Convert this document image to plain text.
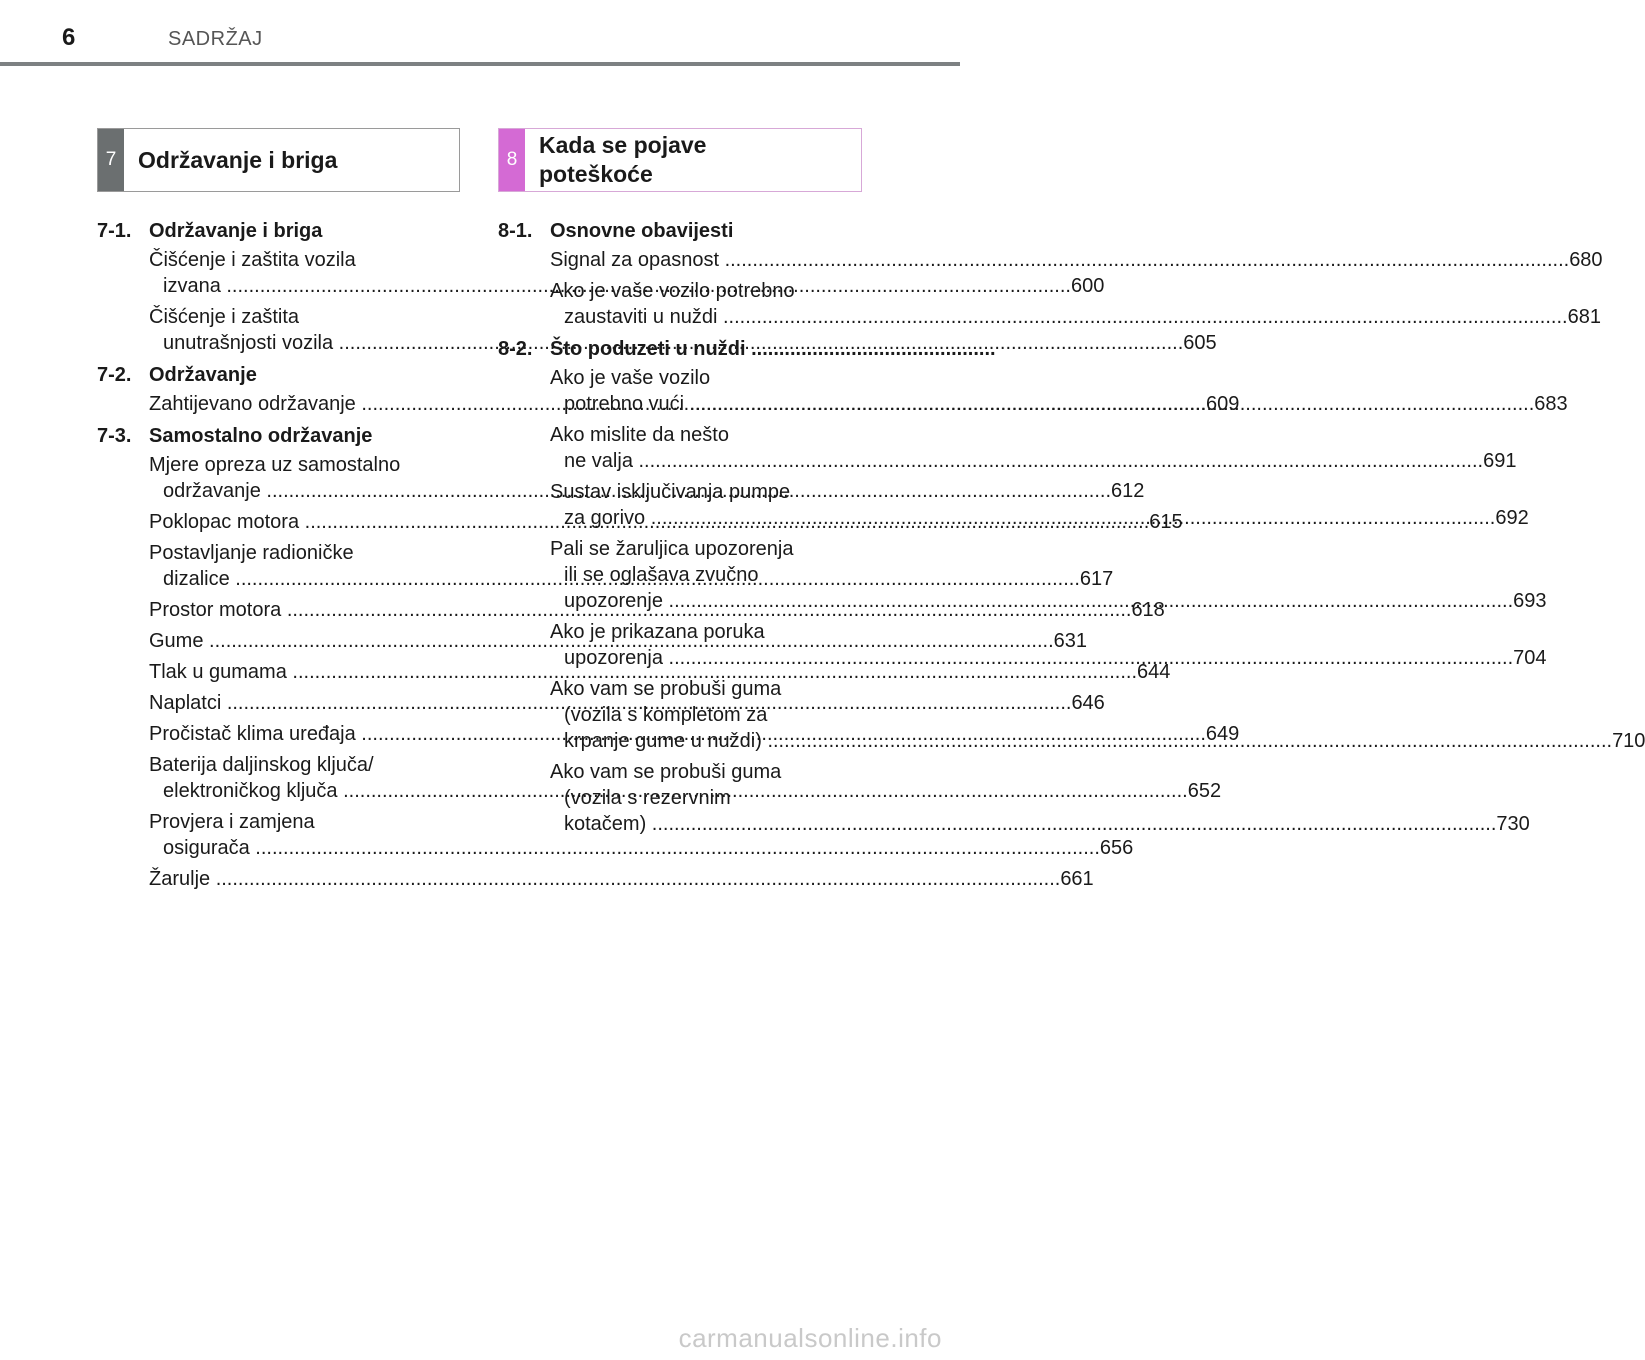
6	SADRŽAJ
7 Održavanje i briga	8
Kada se pojave
poteškoće
7-1. Održavanje i briga
Čišćenje i zaštita vozila
izvana .....	600
Čišćenje i zaštita
unutrašnjosti vozila .....	605
7-2. Održavanje
Zahtijevano održavanje .....	609
7-3. Samostalno održavanje
Mjere opreza uz samostalno
održavanje .....	612
Poklopac motora .....	615
Postavljanje radioničke
dizalice .....	617
Prostor motora .....	618
Gume .....	631
Tlak u gumama .....	644
Naplatci .....	646
Pročistač klima uređaja .....	649
Baterija daljinskog ključa/
elektroničkog ključa .....	652
Provjera i zamjena
osigurača .....	656
Žarulje .....	661
8-1. Osnovne obavijesti
Signal za opasnost .....	680
Ako je vaše vozilo potrebno
zaustaviti u nuždi .....	681
8-2. Što poduzeti u nuždi ............................................
Ako je vaše vozilo
potrebno vući .....	683
Ako mislite da nešto
ne valja .....	691
Sustav isključivanja pumpe
za gorivo .....	692
Pali se žaruljica upozorenja
ili se oglašava zvučno
upozorenje .....	693
Ako je prikazana poruka
upozorenja .....	704
Ako vam se probuši guma
(vozila s kompletom za
krpanje gume u nuždi) .....	710
Ako vam se probuši guma
(vozila s rezervnim
kotačem) .....	730
carmanualsonline.info
